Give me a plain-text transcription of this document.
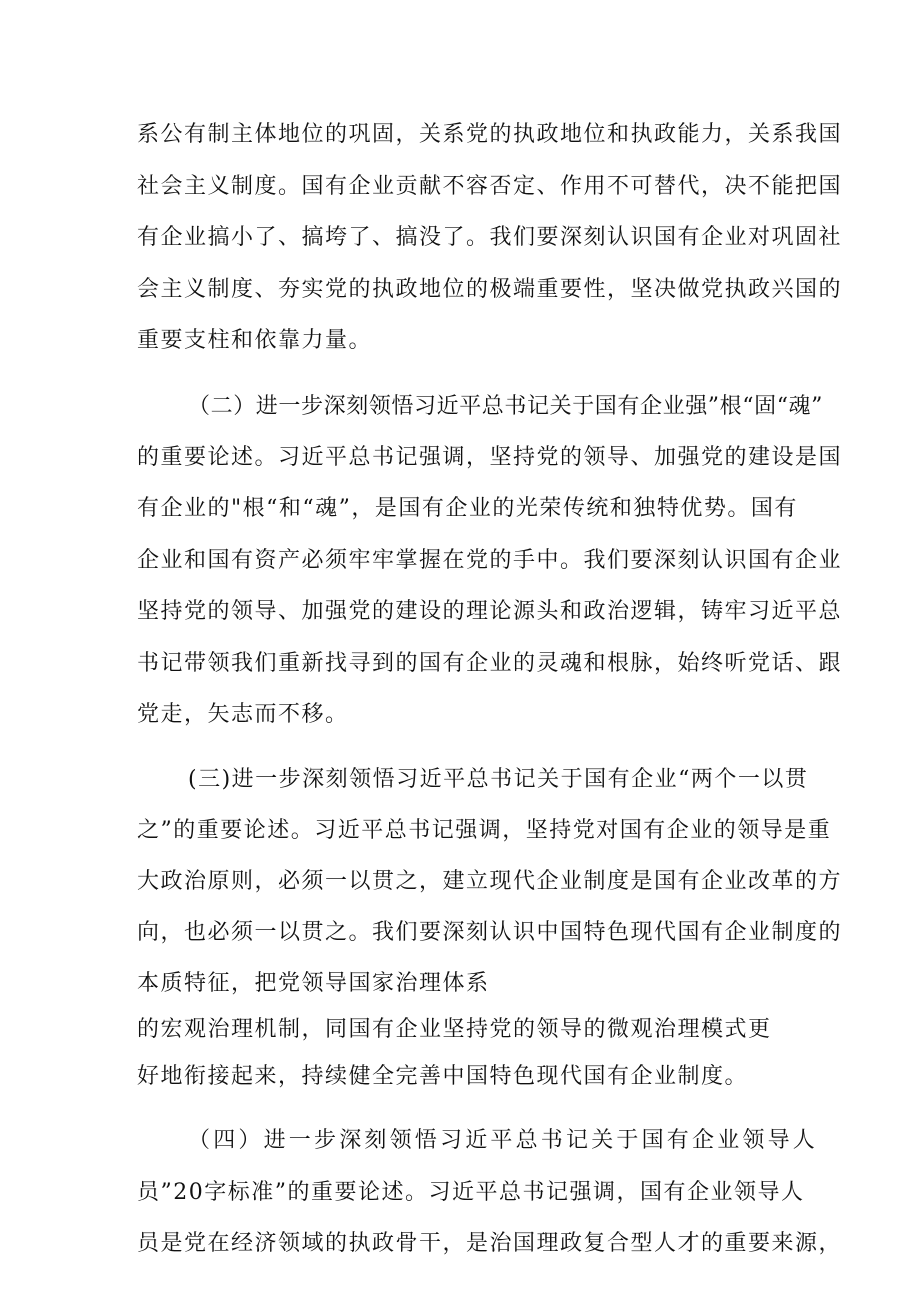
系公有制主体地位的巩固，关系党的执政地位和执政能力，关系我国
社会主义制度。国有企业贡献不容否定、作用不可替代，决不能把国
有企业搞小了、搞垮了、搞没了。我们要深刻认识国有企业对巩固社
会主义制度、夯实党的执政地位的极端重要性，坚决做党执政兴国的
重要支柱和依靠力量。
（二）进一步深刻领悟习近平总书记关于国有企业强”根“固“魂”
的重要论述。习近平总书记强调，坚持党的领导、加强党的建设是国
有企业的"根“和“魂”，是国有企业的光荣传统和独特优势。国有
企业和国有资产必须牢牢掌握在党的手中。我们要深刻认识国有企业
坚持党的领导、加强党的建设的理论源头和政治逻辑，铸牢习近平总
书记带领我们重新找寻到的国有企业的灵魂和根脉，始终听党话、跟
党走，矢志而不移。
(三)进一步深刻领悟习近平总书记关于国有企业“两个一以贯
之”的重要论述。习近平总书记强调，坚持党对国有企业的领导是重
大政治原则，必须一以贯之，建立现代企业制度是国有企业改革的方
向，也必须一以贯之。我们要深刻认识中国特色现代国有企业制度的
本质特征，把党领导国家治理体系
的宏观治理机制，同国有企业坚持党的领导的微观治理模式更
好地衔接起来，持续健全完善中国特色现代国有企业制度。
（四）进一步深刻领悟习近平总书记关于国有企业领导人
员”20字标准”的重要论述。习近平总书记强调，国有企业领导人
员是党在经济领域的执政骨干，是治国理政复合型人才的重要来源，
